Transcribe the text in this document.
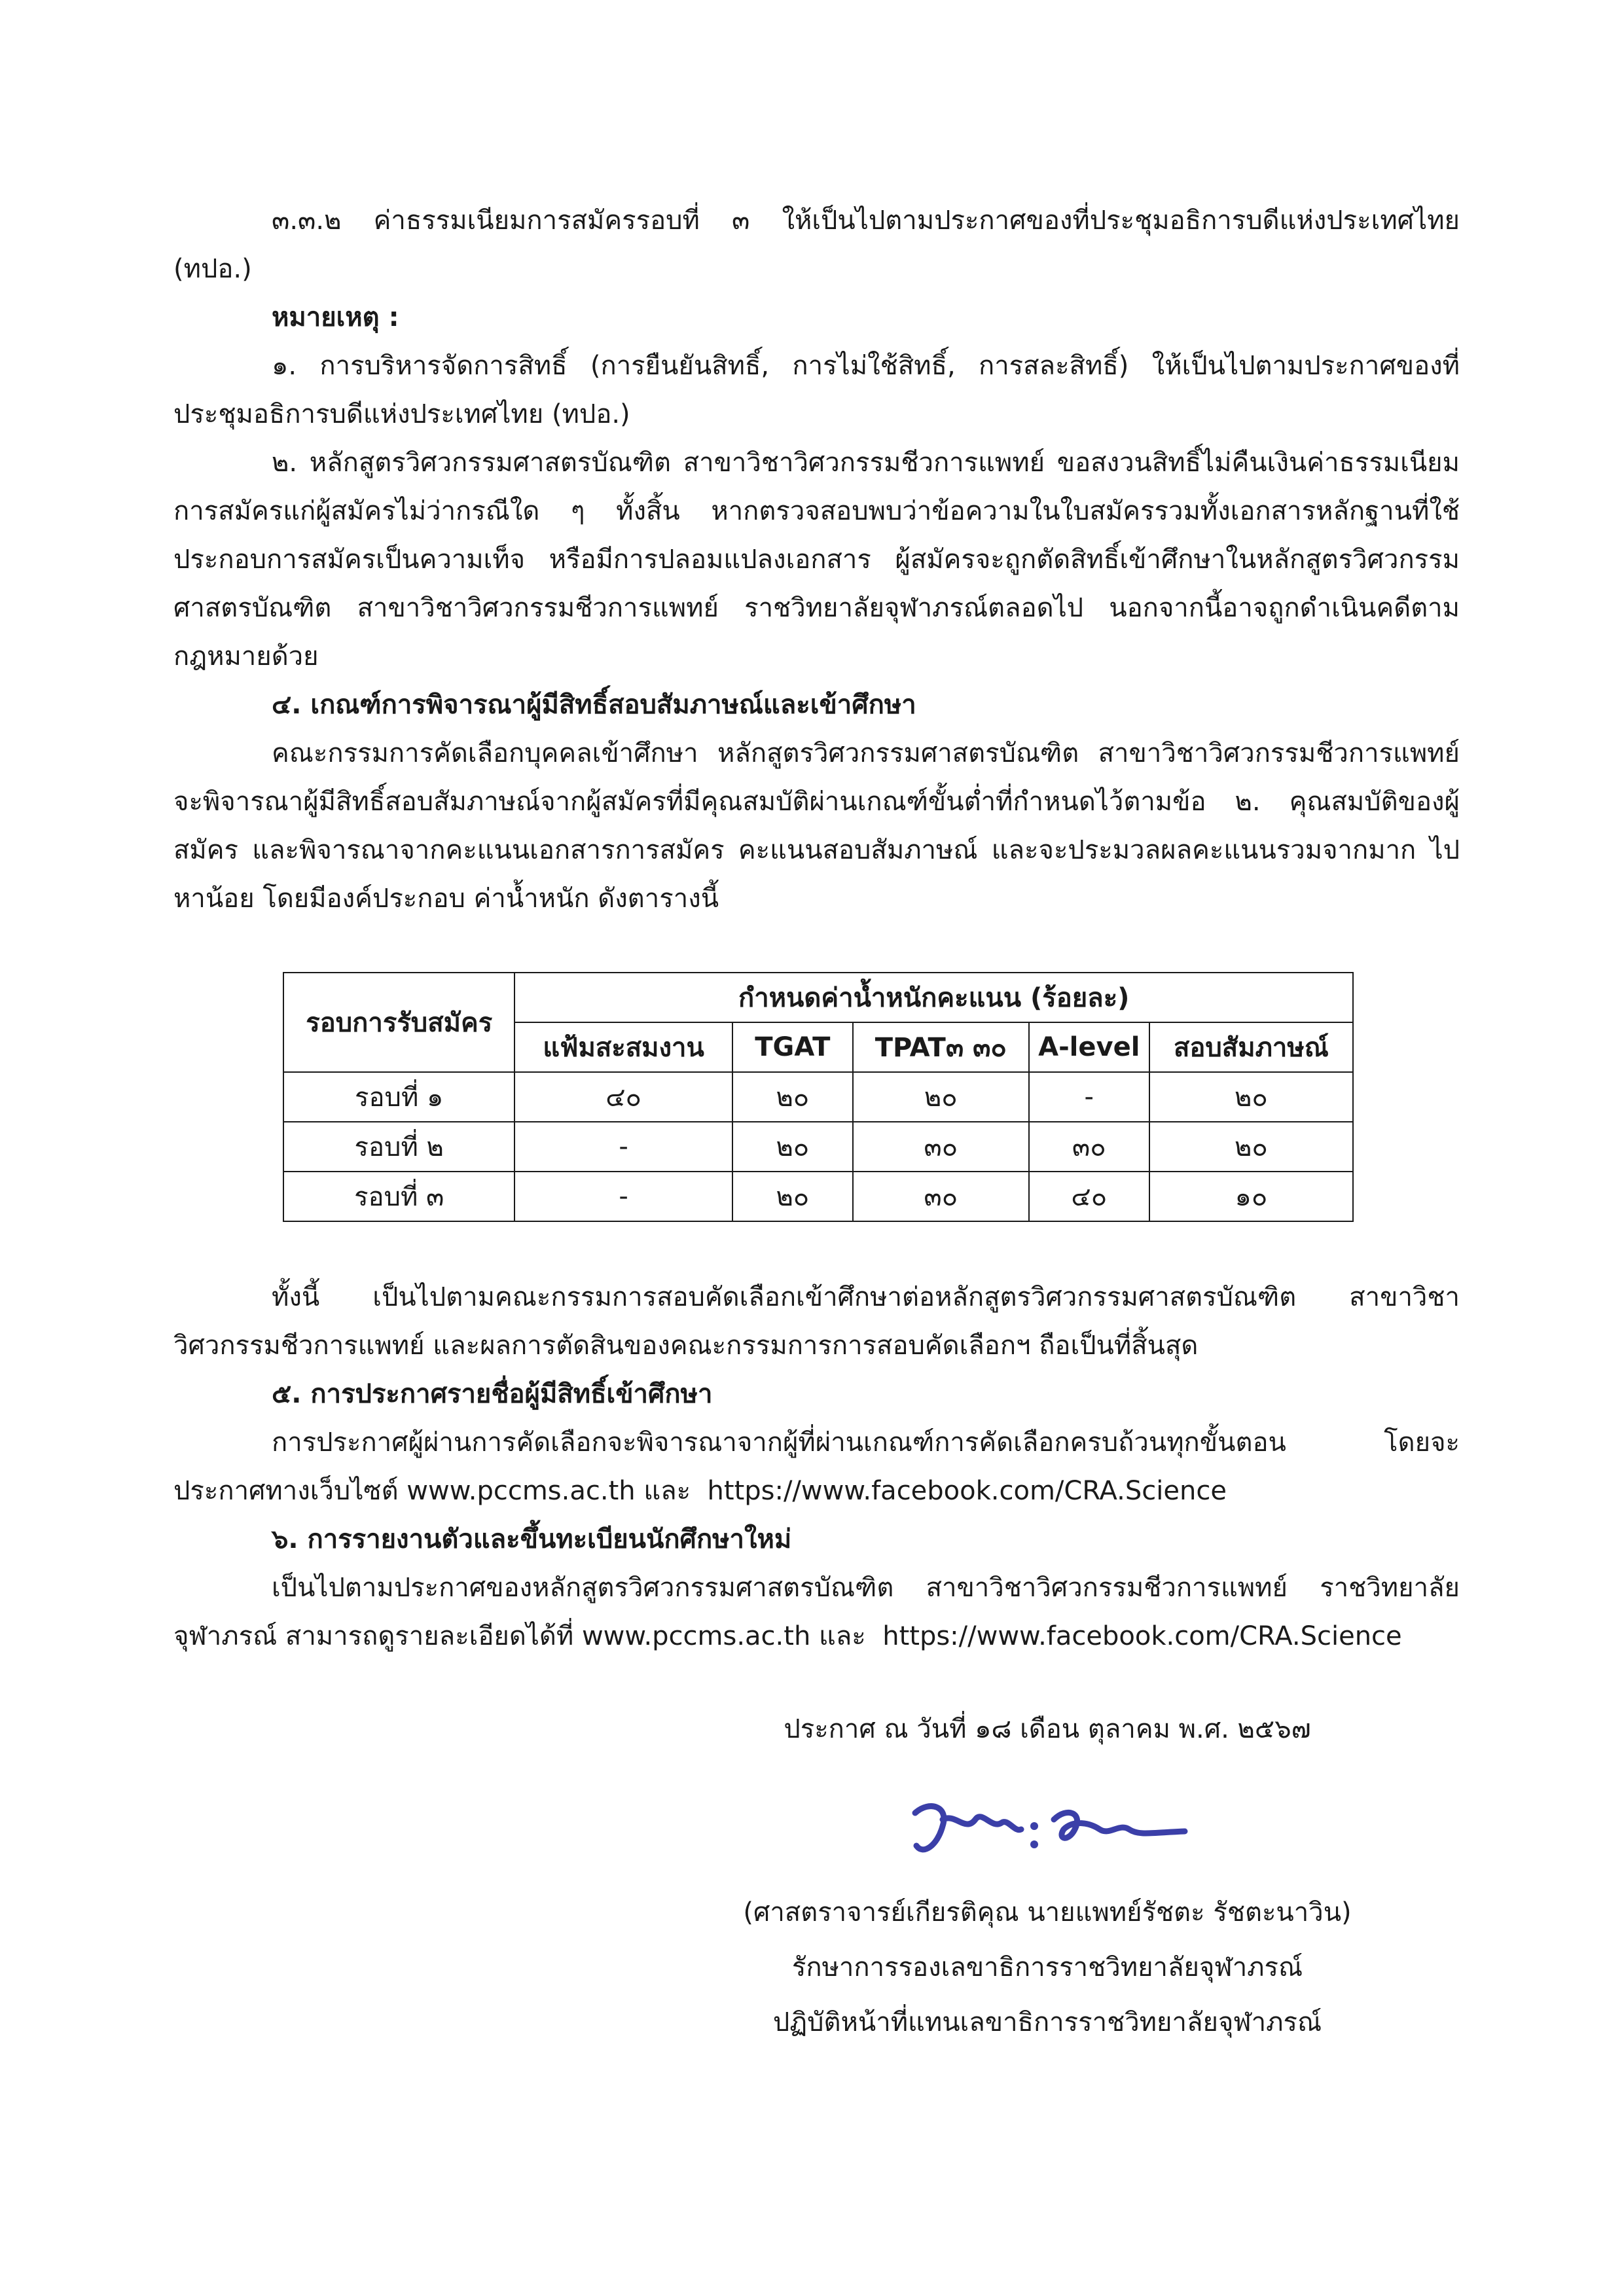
๓.๓.๒ ค่าธรรมเนียมการสมัครรอบที่ ๓ ให้เป็นไปตามประกาศของที่ประชุมอธิการบดีแห่งประเทศไทย (ทปอ.)
หมายเหตุ :
๑. การบริหารจัดการสิทธิ์ (การยืนยันสิทธิ์, การไม่ใช้สิทธิ์, การสละสิทธิ์) ให้เป็นไปตามประกาศของที่ประชุมอธิการบดีแห่งประเทศไทย (ทปอ.)
๒. หลักสูตรวิศวกรรมศาสตรบัณฑิต สาขาวิชาวิศวกรรมชีวการแพทย์ ขอสงวนสิทธิ์ไม่คืนเงินค่าธรรมเนียมการสมัครแก่ผู้สมัครไม่ว่ากรณีใด ๆ ทั้งสิ้น หากตรวจสอบพบว่าข้อความในใบสมัครรวมทั้งเอกสารหลักฐานที่ใช้ประกอบการสมัครเป็นความเท็จ หรือมีการปลอมแปลงเอกสาร ผู้สมัครจะถูกตัดสิทธิ์เข้าศึกษาในหลักสูตรวิศวกรรมศาสตรบัณฑิต สาขาวิชาวิศวกรรมชีวการแพทย์ ราชวิทยาลัยจุฬาภรณ์ตลอดไป นอกจากนี้อาจถูกดำเนินคดีตามกฎหมายด้วย
๔. เกณฑ์การพิจารณาผู้มีสิทธิ์สอบสัมภาษณ์และเข้าศึกษา
คณะกรรมการคัดเลือกบุคคลเข้าศึกษา หลักสูตรวิศวกรรมศาสตรบัณฑิต สาขาวิชาวิศวกรรมชีวการแพทย์ จะพิจารณาผู้มีสิทธิ์สอบสัมภาษณ์จากผู้สมัครที่มีคุณสมบัติผ่านเกณฑ์ขั้นต่ำที่กำหนดไว้ตามข้อ ๒. คุณสมบัติของผู้สมัคร และพิจารณาจากคะแนนเอกสารการสมัคร คะแนนสอบสัมภาษณ์ และจะประมวลผลคะแนนรวมจากมาก ไปหาน้อย โดยมีองค์ประกอบ ค่าน้ำหนัก ดังตารางนี้
รอบการรับสมัคร	กำหนดค่าน้ำหนักคะแนน (ร้อยละ)				
	แฟ้มสะสมงาน	TGAT	TPAT๓ ๓๐	A-level	สอบสัมภาษณ์
รอบที่ ๑	๔๐	๒๐	๒๐	-	๒๐
รอบที่ ๒	-	๒๐	๓๐	๓๐	๒๐
รอบที่ ๓	-	๒๐	๓๐	๔๐	๑๐
ทั้งนี้ เป็นไปตามคณะกรรมการสอบคัดเลือกเข้าศึกษาต่อหลักสูตรวิศวกรรมศาสตรบัณฑิต สาขาวิชาวิศวกรรมชีวการแพทย์ และผลการตัดสินของคณะกรรมการการสอบคัดเลือกฯ ถือเป็นที่สิ้นสุด
๕. การประกาศรายชื่อผู้มีสิทธิ์เข้าศึกษา
การประกาศผู้ผ่านการคัดเลือกจะพิจารณาจากผู้ที่ผ่านเกณฑ์การคัดเลือกครบถ้วนทุกขั้นตอน โดยจะประกาศทางเว็บไซต์ www.pccms.ac.th และ  https://www.facebook.com/CRA.Science
๖. การรายงานตัวและขึ้นทะเบียนนักศึกษาใหม่
เป็นไปตามประกาศของหลักสูตรวิศวกรรมศาสตรบัณฑิต สาขาวิชาวิศวกรรมชีวการแพทย์ ราชวิทยาลัยจุฬาภรณ์ สามารถดูรายละเอียดได้ที่ www.pccms.ac.th และ  https://www.facebook.com/CRA.Science
ประกาศ ณ วันที่ ๑๘ เดือน ตุลาคม พ.ศ. ๒๕๖๗
(ศาสตราจารย์เกียรติคุณ นายแพทย์รัชตะ รัชตะนาวิน)
รักษาการรองเลขาธิการราชวิทยาลัยจุฬาภรณ์
ปฏิบัติหน้าที่แทนเลขาธิการราชวิทยาลัยจุฬาภรณ์
